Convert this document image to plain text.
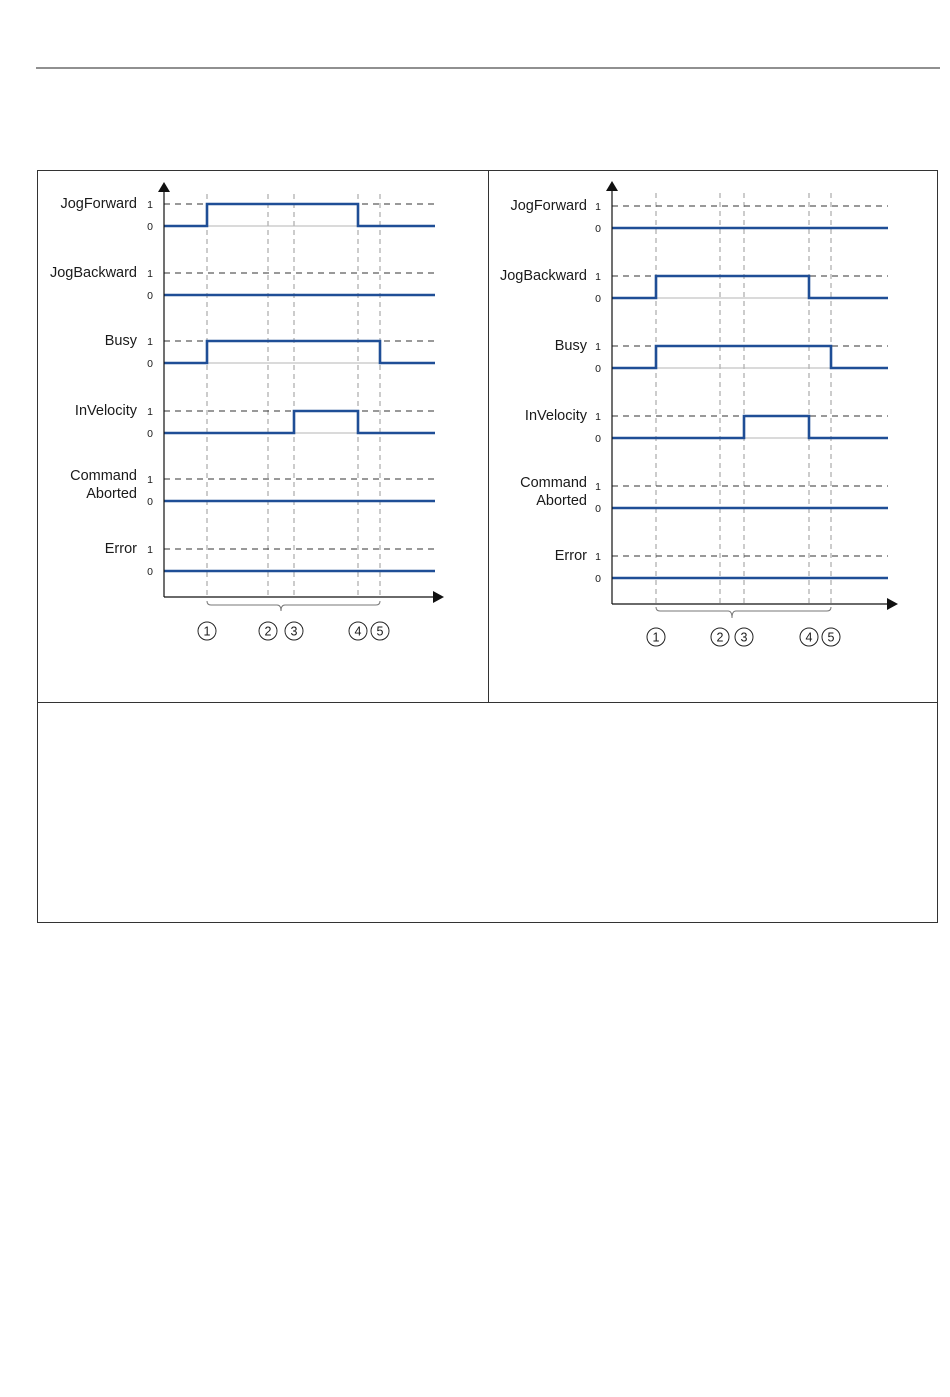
1
0
JogForward
1
0
JogBackward
1
0
Busy
1
0
InVelocity
1
0
Command Aborted
1
0
Error
1	2 3	4 5
1
0
JogForward
1
0
JogBackward
1
0
Busy
1
0
InVelocity
1
0
Command Aborted
1
0
Error
1	2 3	4 5
